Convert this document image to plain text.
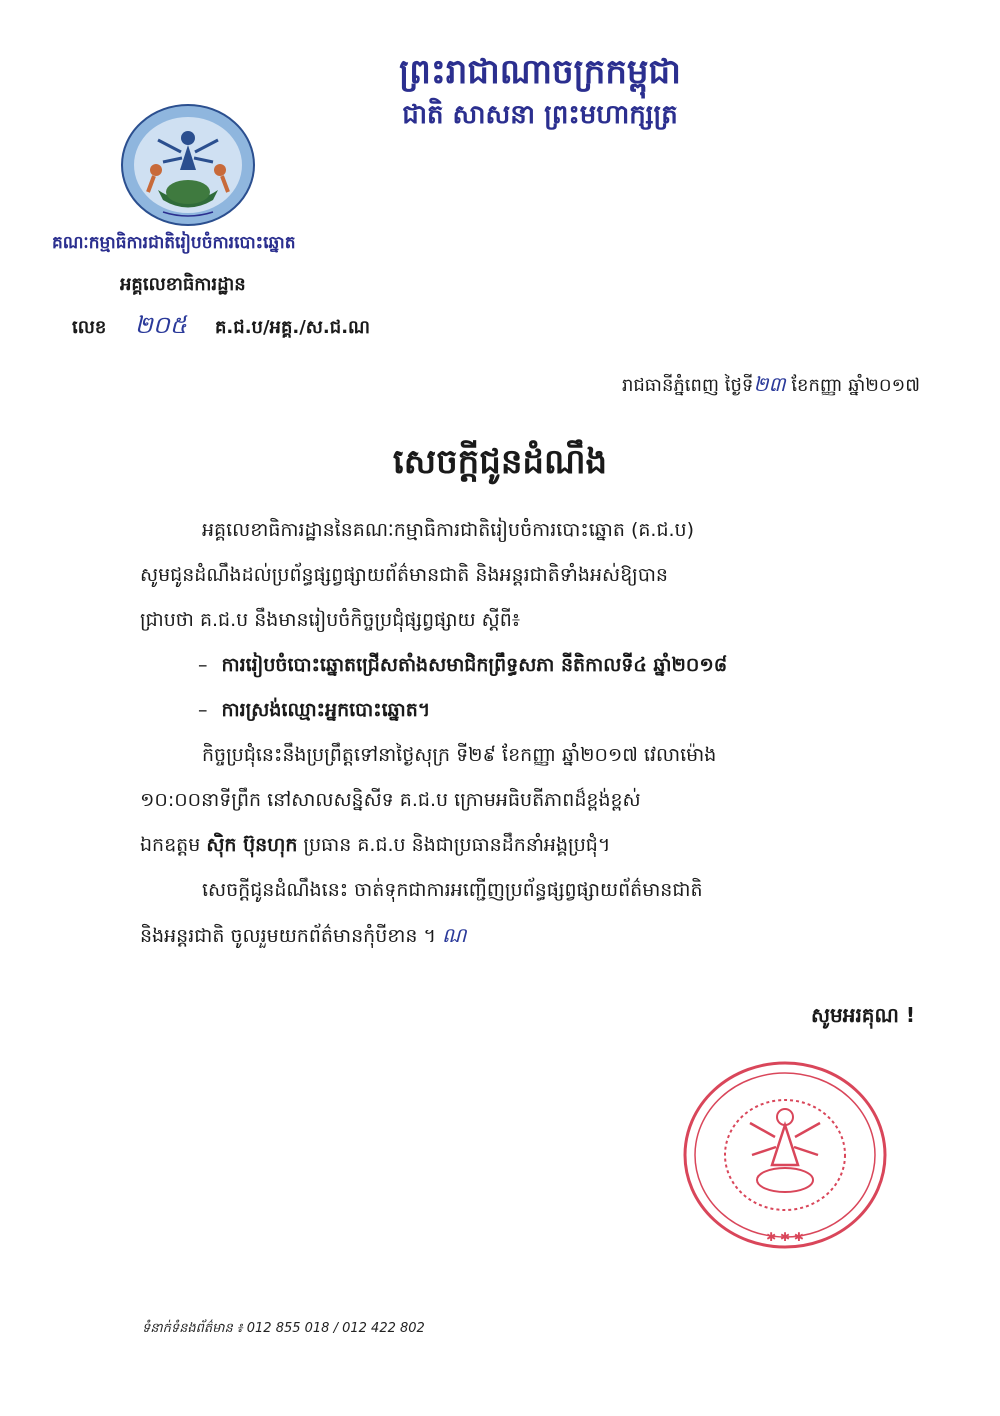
ព្រះរាជាណាចក្រកម្ពុជា
ជាតិ សាសនា ព្រះមហាក្សត្រ
គណៈកម្មាធិការជាតិរៀបចំការបោះឆ្នោត
អគ្គលេខាធិការដ្ឋាន
លេខ ២០៥ គ.ជ.ប/អគ្គ./ស.ជ.ណ
រាជធានីភ្នំពេញ ថ្ងៃទី២៣ ខែកញ្ញា ឆ្នាំ២០១៧
សេចក្តីជូនដំណឹង

អគ្គលេខាធិការដ្ឋាននៃគណៈកម្មាធិការជាតិរៀបចំការបោះឆ្នោត (គ.ជ.ប)

សូមជូនដំណឹងដល់ប្រព័ន្ធផ្សព្វផ្សាយព័ត៌មានជាតិ និងអន្តរជាតិទាំងអស់ឱ្យបាន

ជ្រាបថា គ.ជ.ប នឹងមានរៀបចំកិច្ចប្រជុំផ្សព្វផ្សាយ ស្តីពី៖

– ការរៀបចំបោះឆ្នោតជ្រើសតាំងសមាជិកព្រឹទ្ធសភា នីតិកាលទី៤ ឆ្នាំ២០១៨

– ការស្រង់ឈ្មោះអ្នកបោះឆ្នោត។

កិច្ចប្រជុំនេះនឹងប្រព្រឹត្តទៅនាថ្ងៃសុក្រ ទី២៩ ខែកញ្ញា ឆ្នាំ២០១៧ វេលាម៉ោង

១០:០០នាទីព្រឹក នៅសាលសន្និសីទ គ.ជ.ប ក្រោមអធិបតីភាពដ៏ខ្ពង់ខ្ពស់

ឯកឧត្តម ស៊ិក ប៊ុនហុក ប្រធាន គ.ជ.ប និងជាប្រធានដឹកនាំអង្គប្រជុំ។

សេចក្តីជូនដំណឹងនេះ ចាត់ទុកជាការអញ្ជើញប្រព័ន្ធផ្សព្វផ្សាយព័ត៌មានជាតិ

និងអន្តរជាតិ ចូលរួមយកព័ត៌មានកុំបីខាន ។ ណ

សូមអរគុណ !
✱ ✱ ✱
ទំនាក់ទំនងព័ត៌មាន ៖ 012 855 018 / 012 422 802
